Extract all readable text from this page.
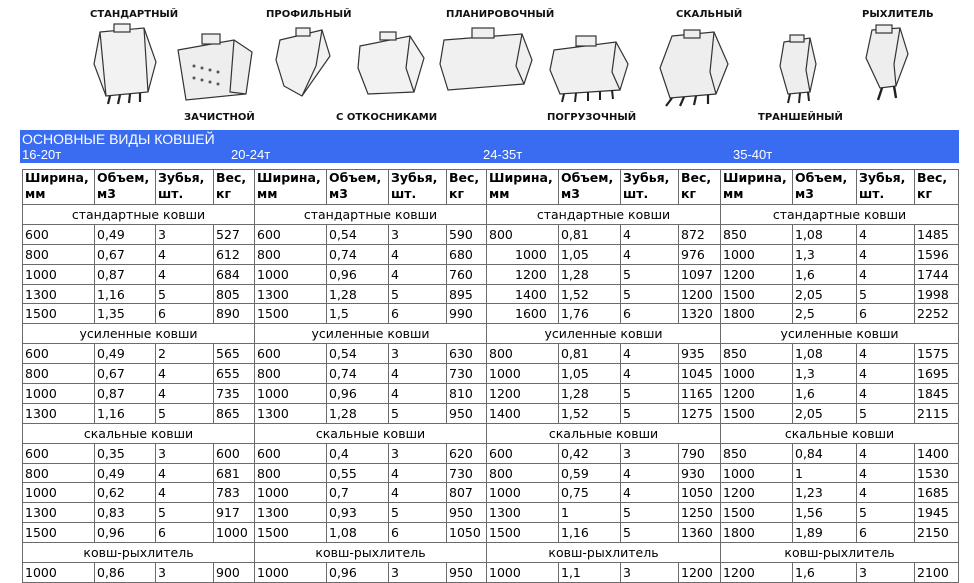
СТАНДАРТНЫЙ
ЗАЧИСТНОЙ
ПРОФИЛЬНЫЙ
С ОТКОСНИКАМИ
ПЛАНИРОВОЧНЫЙ
ПОГРУЗОЧНЫЙ
СКАЛЬНЫЙ
ТРАНШЕЙНЫЙ
РЫХЛИТЕЛЬ
ОСНОВНЫЕ ВИДЫ КОВШЕЙ
16-20т	20-24т	24-35т	35-40т
Ширина, мм	Объем, м3	Зубья, шт.	Вес, кг
стандартные ковши			
600	0,49	3	527
800	0,67	4	612
1000	0,87	4	684
1300	1,16	5	805
1500	1,35	6	890
усиленные ковши			
600	0,49	2	565
800	0,67	4	655
1000	0,87	4	735
1300	1,16	5	865
скальные ковши			
600	0,35	3	600
800	0,49	4	681
1000	0,62	4	783
1300	0,83	5	917
1500	0,96	6	1000
ковш-рыхлитель			
1000	0,86	3	900
Ширина, мм	Объем, м3	Зубья, шт.	Вес, кг
стандартные ковши			
600	0,54	3	590
800	0,74	4	680
1000	0,96	4	760
1300	1,28	5	895
1500	1,5	6	990
усиленные ковши			
600	0,54	3	630
800	0,74	4	730
1000	0,96	4	810
1300	1,28	5	950
скальные ковши			
600	0,4	3	620
800	0,55	4	730
1000	0,7	4	807
1300	0,93	5	950
1500	1,08	6	1050
ковш-рыхлитель			
1000	0,96	3	950
Ширина, мм	Объем, м3	Зубья, шт.	Вес, кг
стандартные ковши			
800	0,81	4	872
1000	1,05	4	976
1200	1,28	5	1097
1400	1,52	5	1200
1600	1,76	6	1320
усиленные ковши			
800	0,81	4	935
1000	1,05	4	1045
1200	1,28	5	1165
1400	1,52	5	1275
скальные ковши			
600	0,42	3	790
800	0,59	4	930
1000	0,75	4	1050
1300	1	5	1250
1500	1,16	5	1360
ковш-рыхлитель			
1000	1,1	3	1200
Ширина, мм	Объем, м3	Зубья, шт.	Вес, кг
стандартные ковши			
850	1,08	4	1485
1000	1,3	4	1596
1200	1,6	4	1744
1500	2,05	5	1998
1800	2,5	6	2252
усиленные ковши			
850	1,08	4	1575
1000	1,3	4	1695
1200	1,6	4	1845
1500	2,05	5	2115
скальные ковши			
850	0,84	4	1400
1000	1	4	1530
1200	1,23	4	1685
1500	1,56	5	1945
1800	1,89	6	2150
ковш-рыхлитель			
1200	1,6	3	2100
